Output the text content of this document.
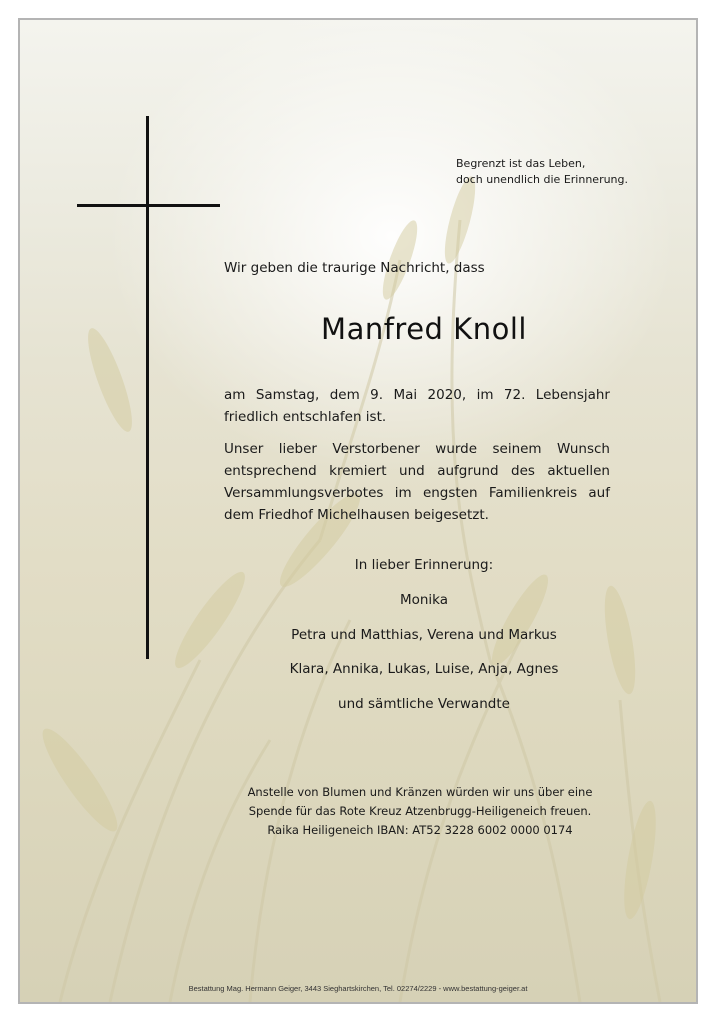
Begrenzt ist das Leben,
doch unendlich die Erinnerung.
Wir geben die traurige Nachricht, dass
Manfred Knoll
am Samstag, dem 9. Mai 2020, im 72. Lebensjahr friedlich entschlafen ist.
Unser lieber Verstorbener wurde seinem Wunsch entsprechend kremiert und aufgrund des aktuellen Versammlungsverbotes im engsten Familienkreis auf dem Friedhof Michelhausen beigesetzt.
In lieber Erinnerung:
Monika
Petra und Matthias, Verena und Markus
Klara, Annika, Lukas, Luise, Anja, Agnes
und sämtliche Verwandte
Anstelle von Blumen und Kränzen würden wir uns über eine
Spende für das Rote Kreuz Atzenbrugg-Heiligeneich freuen.
Raika Heiligeneich IBAN: AT52 3228 6002 0000 0174
Bestattung Mag. Hermann Geiger, 3443 Sieghartskirchen, Tel. 02274/2229 - www.bestattung-geiger.at
